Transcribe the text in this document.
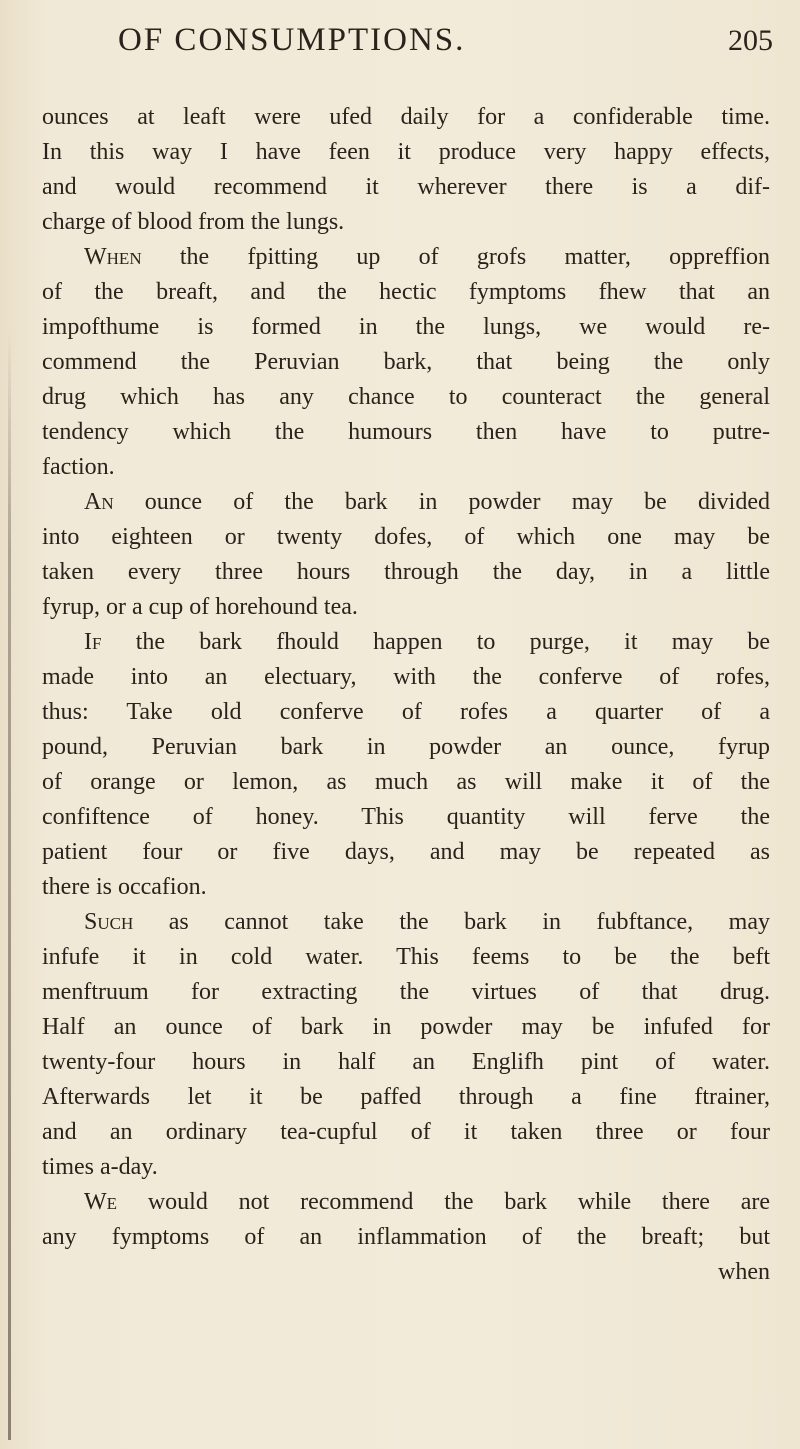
OF CONSUMPTIONS.	205
ounces at leaft were ufed daily for a confiderable time.
In this way I have feen it produce very happy effects,
and would recommend it wherever there is a dif-
charge of blood from the lungs.
When the fpitting up of grofs matter, oppreffion
of the breaft, and the hectic fymptoms fhew that an
impofthume is formed in the lungs, we would re-
commend the Peruvian bark, that being the only
drug which has any chance to counteract the general
tendency which the humours then have to putre-
faction.
An ounce of the bark in powder may be divided
into eighteen or twenty dofes, of which one may be
taken every three hours through the day, in a little
fyrup, or a cup of horehound tea.
If the bark fhould happen to purge, it may be
made into an electuary, with the conferve of rofes,
thus: Take old conferve of rofes a quarter of a
pound, Peruvian bark in powder an ounce, fyrup
of orange or lemon, as much as will make it of the
confiftence of honey. This quantity will ferve the
patient four or five days, and may be repeated as
there is occafion.
Such as cannot take the bark in fubftance, may
infufe it in cold water. This feems to be the beft
menftruum for extracting the virtues of that drug.
Half an ounce of bark in powder may be infufed for
twenty-four hours in half an Englifh pint of water.
Afterwards let it be paffed through a fine ftrainer,
and an ordinary tea-cupful of it taken three or four
times a-day.
We would not recommend the bark while there are
any fymptoms of an inflammation of the breaft; but
when
